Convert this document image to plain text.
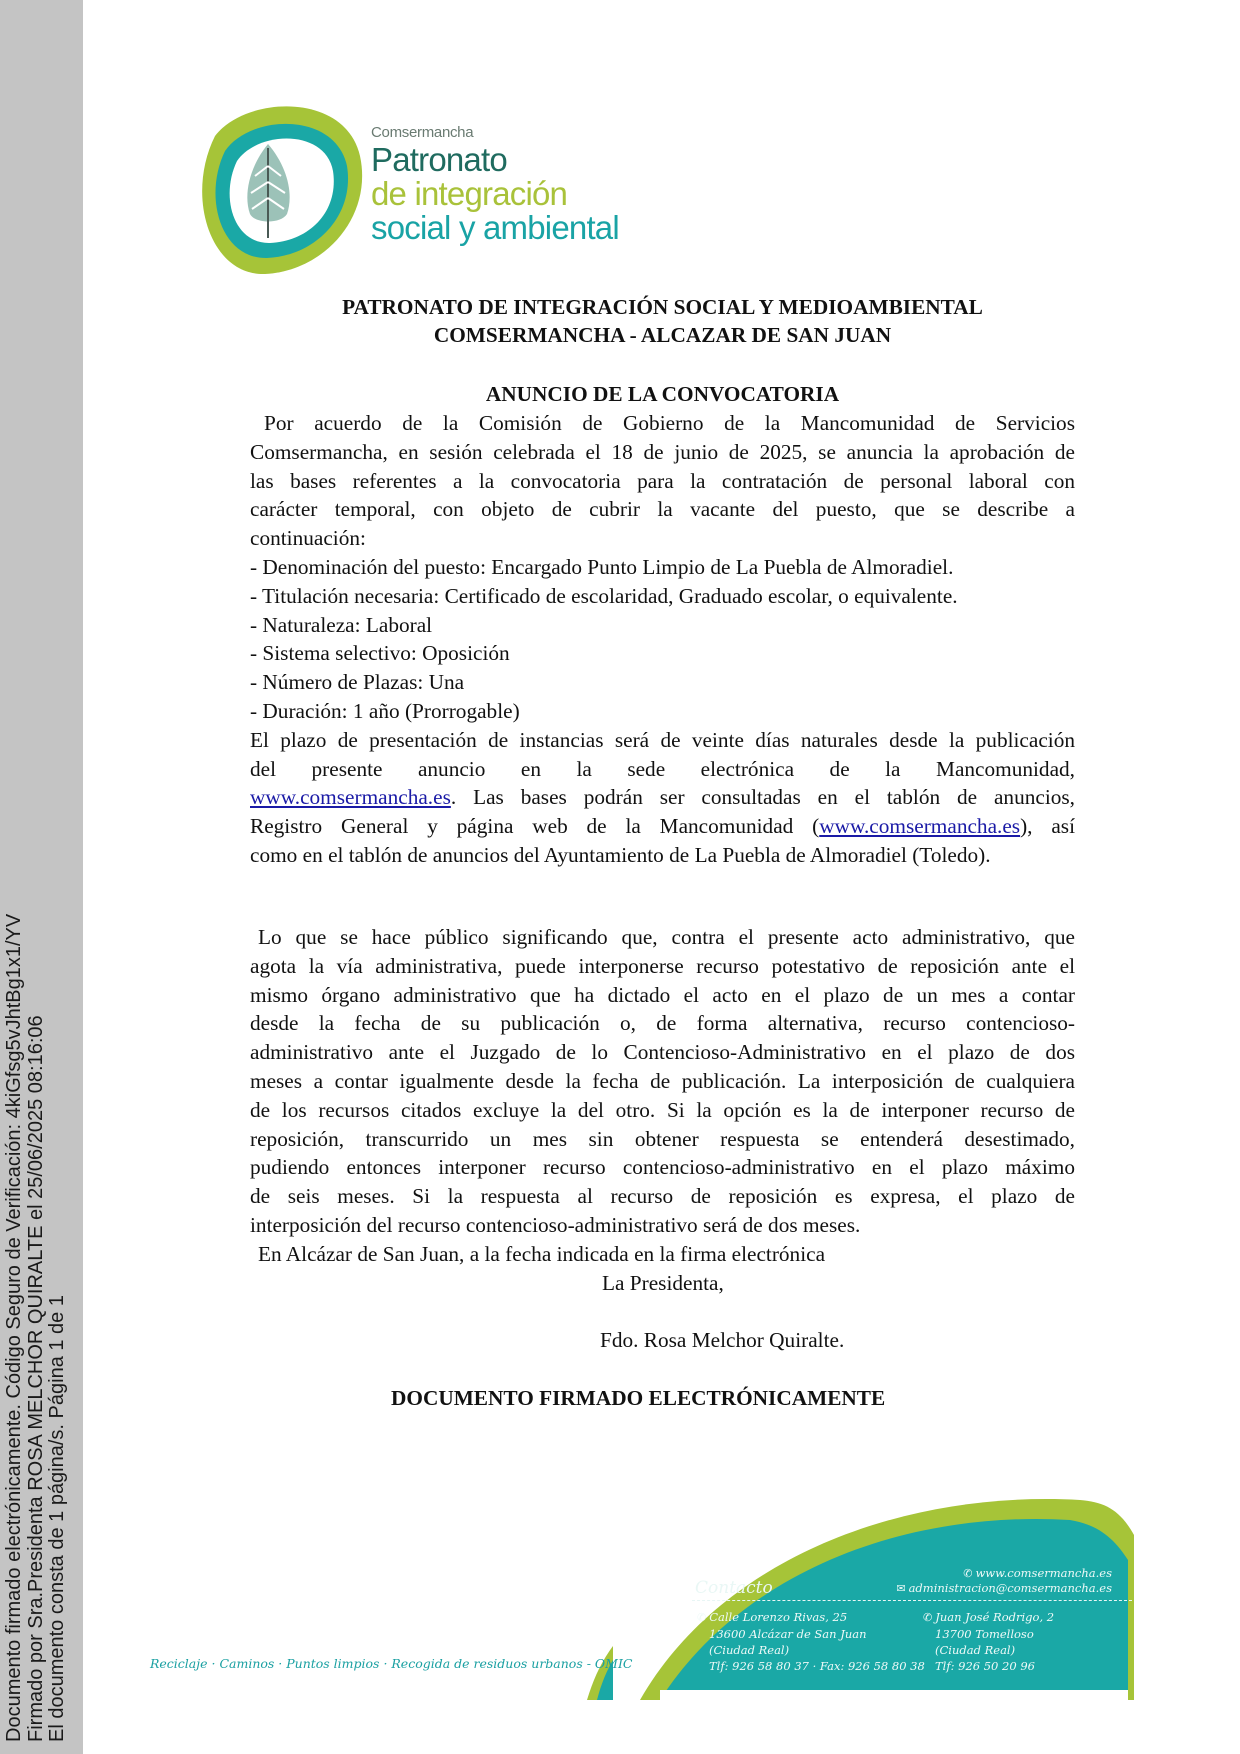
Documento firmado electrónicamente. Código Seguro de Verificación: 4kiGfsg5vJhtBg1x1/YV Firmado por Sra.Presidenta ROSA MELCHOR QUIRALTE el 25/06/2025 08:16:06 El documento consta de 1 página/s. Página 1 de 1
Comsermancha
Patronato
de integración
social y ambiental
PATRONATO DE INTEGRACIÓN SOCIAL Y MEDIOAMBIENTAL
COMSERMANCHA - ALCAZAR DE SAN JUAN
ANUNCIO DE LA CONVOCATORIA
Por acuerdo de la Comisión de Gobierno de la Mancomunidad de Servicios
Comsermancha, en sesión celebrada el 18 de junio de 2025, se anuncia la aprobación de
las bases referentes a la convocatoria para la contratación de personal laboral con
carácter temporal, con objeto de cubrir la vacante del puesto, que se describe a
continuación:
- Denominación del puesto: Encargado Punto Limpio de La Puebla de Almoradiel.
- Titulación necesaria: Certificado de escolaridad, Graduado escolar, o equivalente.
- Naturaleza: Laboral
- Sistema selectivo: Oposición
- Número de Plazas: Una
- Duración: 1 año (Prorrogable)
El plazo de presentación de instancias será de veinte días naturales desde la publicación
del presente anuncio en la sede electrónica de la Mancomunidad,
www.comsermancha.es. Las bases podrán ser consultadas en el tablón de anuncios,
Registro General y página web de la Mancomunidad (www.comsermancha.es), así
como en el tablón de anuncios del Ayuntamiento de La Puebla de Almoradiel (Toledo).
Lo que se hace público significando que, contra el presente acto administrativo, que
agota la vía administrativa, puede interponerse recurso potestativo de reposición ante el
mismo órgano administrativo que ha dictado el acto en el plazo de un mes a contar
desde la fecha de su publicación o, de forma alternativa, recurso contencioso-
administrativo ante el Juzgado de lo Contencioso-Administrativo en el plazo de dos
meses a contar igualmente desde la fecha de publicación. La interposición de cualquiera
de los recursos citados excluye la del otro. Si la opción es la de interponer recurso de
reposición, transcurrido un mes sin obtener respuesta se entenderá desestimado,
pudiendo entonces interponer recurso contencioso-administrativo en el plazo máximo
de seis meses. Si la respuesta al recurso de reposición es expresa, el plazo de
interposición del recurso contencioso-administrativo será de dos meses.
En Alcázar de San Juan, a la fecha indicada en la firma electrónica
La Presidenta,
Fdo. Rosa Melchor Quiralte.
DOCUMENTO FIRMADO ELECTRÓNICAMENTE
Contacto
✆ www.comsermancha.es
✉ administracion@comsermancha.es
✆ Calle Lorenzo Rivas, 25
13600 Alcázar de San Juan
(Ciudad Real)
Tlf: 926 58 80 37 · Fax: 926 58 80 38
✆ Juan José Rodrigo, 2
13700 Tomelloso
(Ciudad Real)
Tlf: 926 50 20 96
Reciclaje · Caminos · Puntos limpios · Recogida de residuos urbanos - OMIC
